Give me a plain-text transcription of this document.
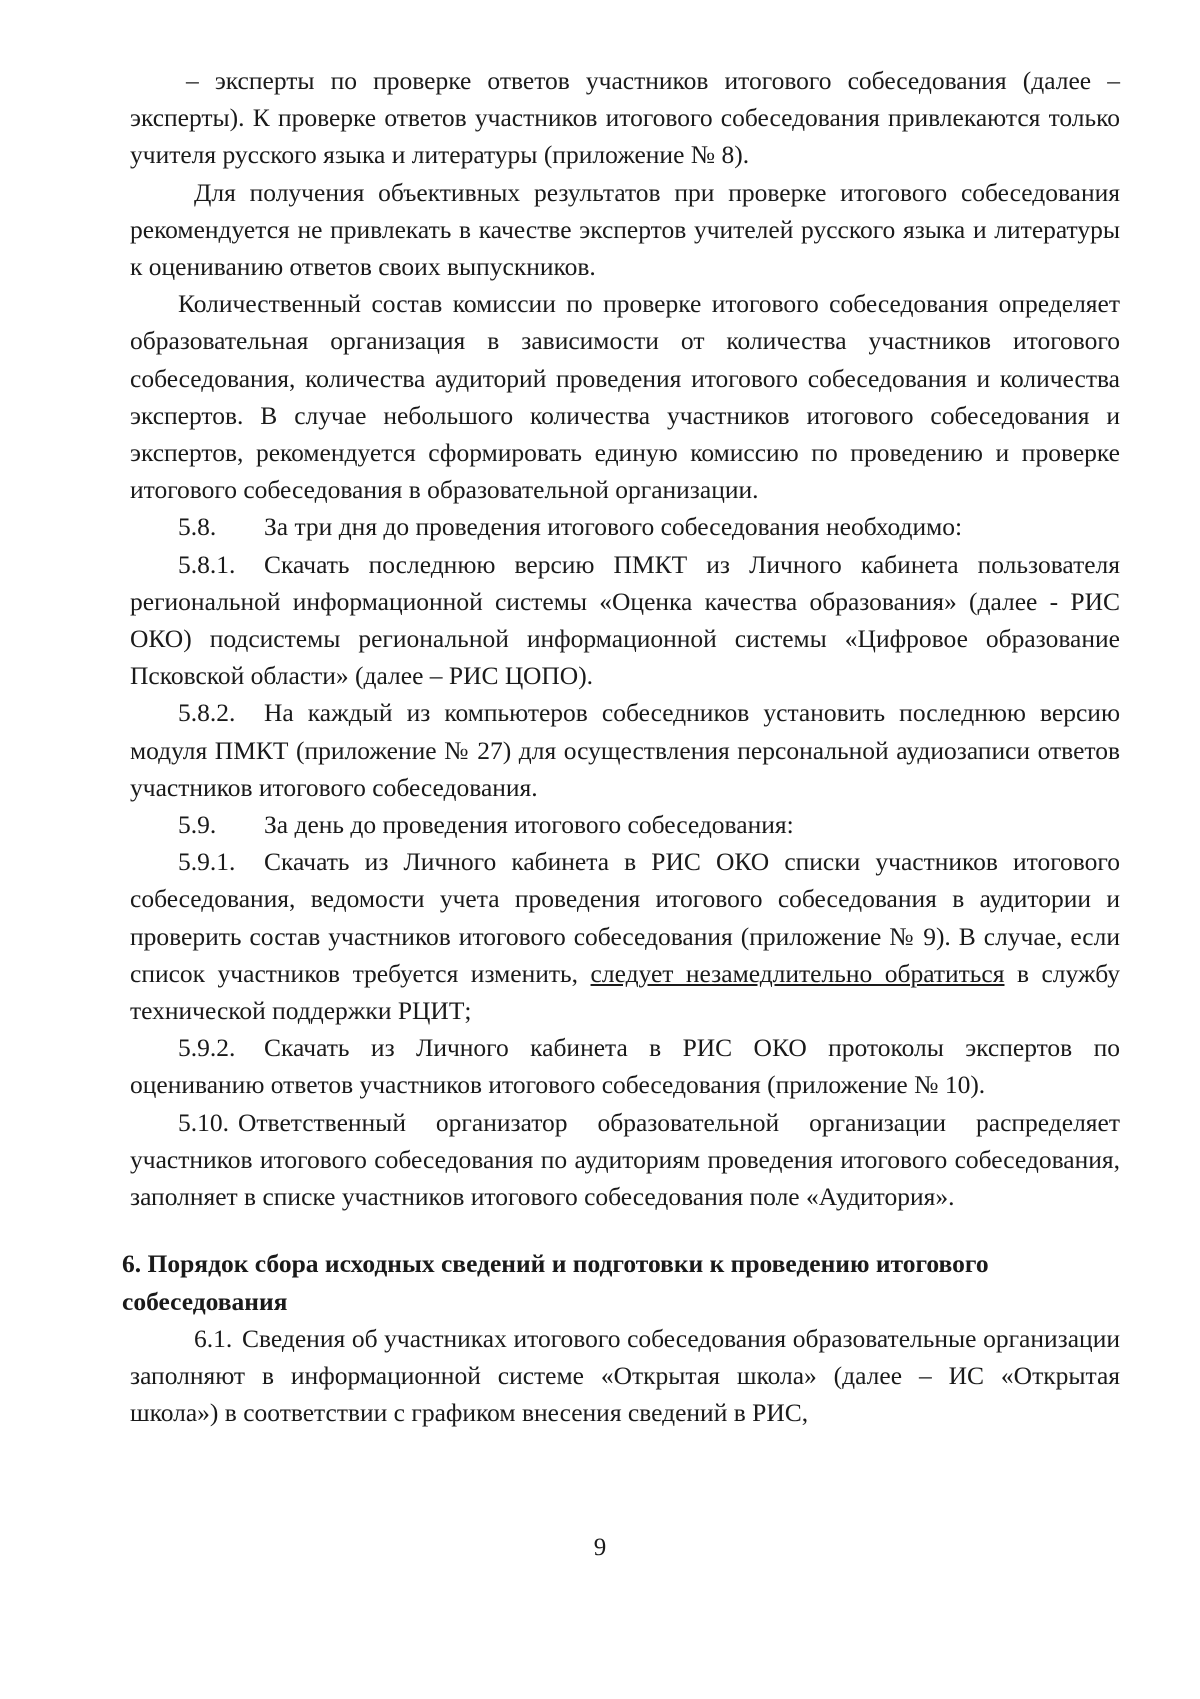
– эксперты по проверке ответов участников итогового собеседования (далее – эксперты). К проверке ответов участников итогового собеседования привлекаются только учителя русского языка и литературы (приложение № 8).

Для получения объективных результатов при проверке итогового собеседования рекомендуется не привлекать в качестве экспертов учителей русского языка и литературы к оцениванию ответов своих выпускников.

Количественный состав комиссии по проверке итогового собеседования определяет образовательная организация в зависимости от количества участников итогового собеседования, количества аудиторий проведения итогового собеседования и количества экспертов. В случае небольшого количества участников итогового собеседования и экспертов, рекомендуется сформировать единую комиссию по проведению и проверке итогового собеседования в образовательной организации.

5.8. За три дня до проведения итогового собеседования необходимо:

5.8.1. Скачать последнюю версию ПМКТ из Личного кабинета пользователя региональной информационной системы «Оценка качества образования» (далее - РИС ОКО) подсистемы региональной информационной системы «Цифровое образование Псковской области» (далее – РИС ЦОПО).

5.8.2. На каждый из компьютеров собеседников установить последнюю версию модуля ПМКТ (приложение № 27) для осуществления персональной аудиозаписи ответов участников итогового собеседования.

5.9. За день до проведения итогового собеседования:

5.9.1. Скачать из Личного кабинета в РИС ОКО списки участников итогового собеседования, ведомости учета проведения итогового собеседования в аудитории и проверить состав участников итогового собеседования (приложение № 9). В случае, если список участников требуется изменить, следует незамедлительно обратиться в службу технической поддержки РЦИТ;

5.9.2. Скачать из Личного кабинета в РИС ОКО протоколы экспертов по оцениванию ответов участников итогового собеседования (приложение № 10).

5.10. Ответственный организатор образовательной организации распределяет участников итогового собеседования по аудиториям проведения итогового собеседования, заполняет в списке участников итогового собеседования поле «Аудитория».

6. Порядок сбора исходных сведений и подготовки к проведению итогового
собеседования

6.1. Сведения об участниках итогового собеседования образовательные организации заполняют в информационной системе «Открытая школа» (далее – ИС «Открытая школа») в соответствии с графиком внесения сведений в РИС,

9
